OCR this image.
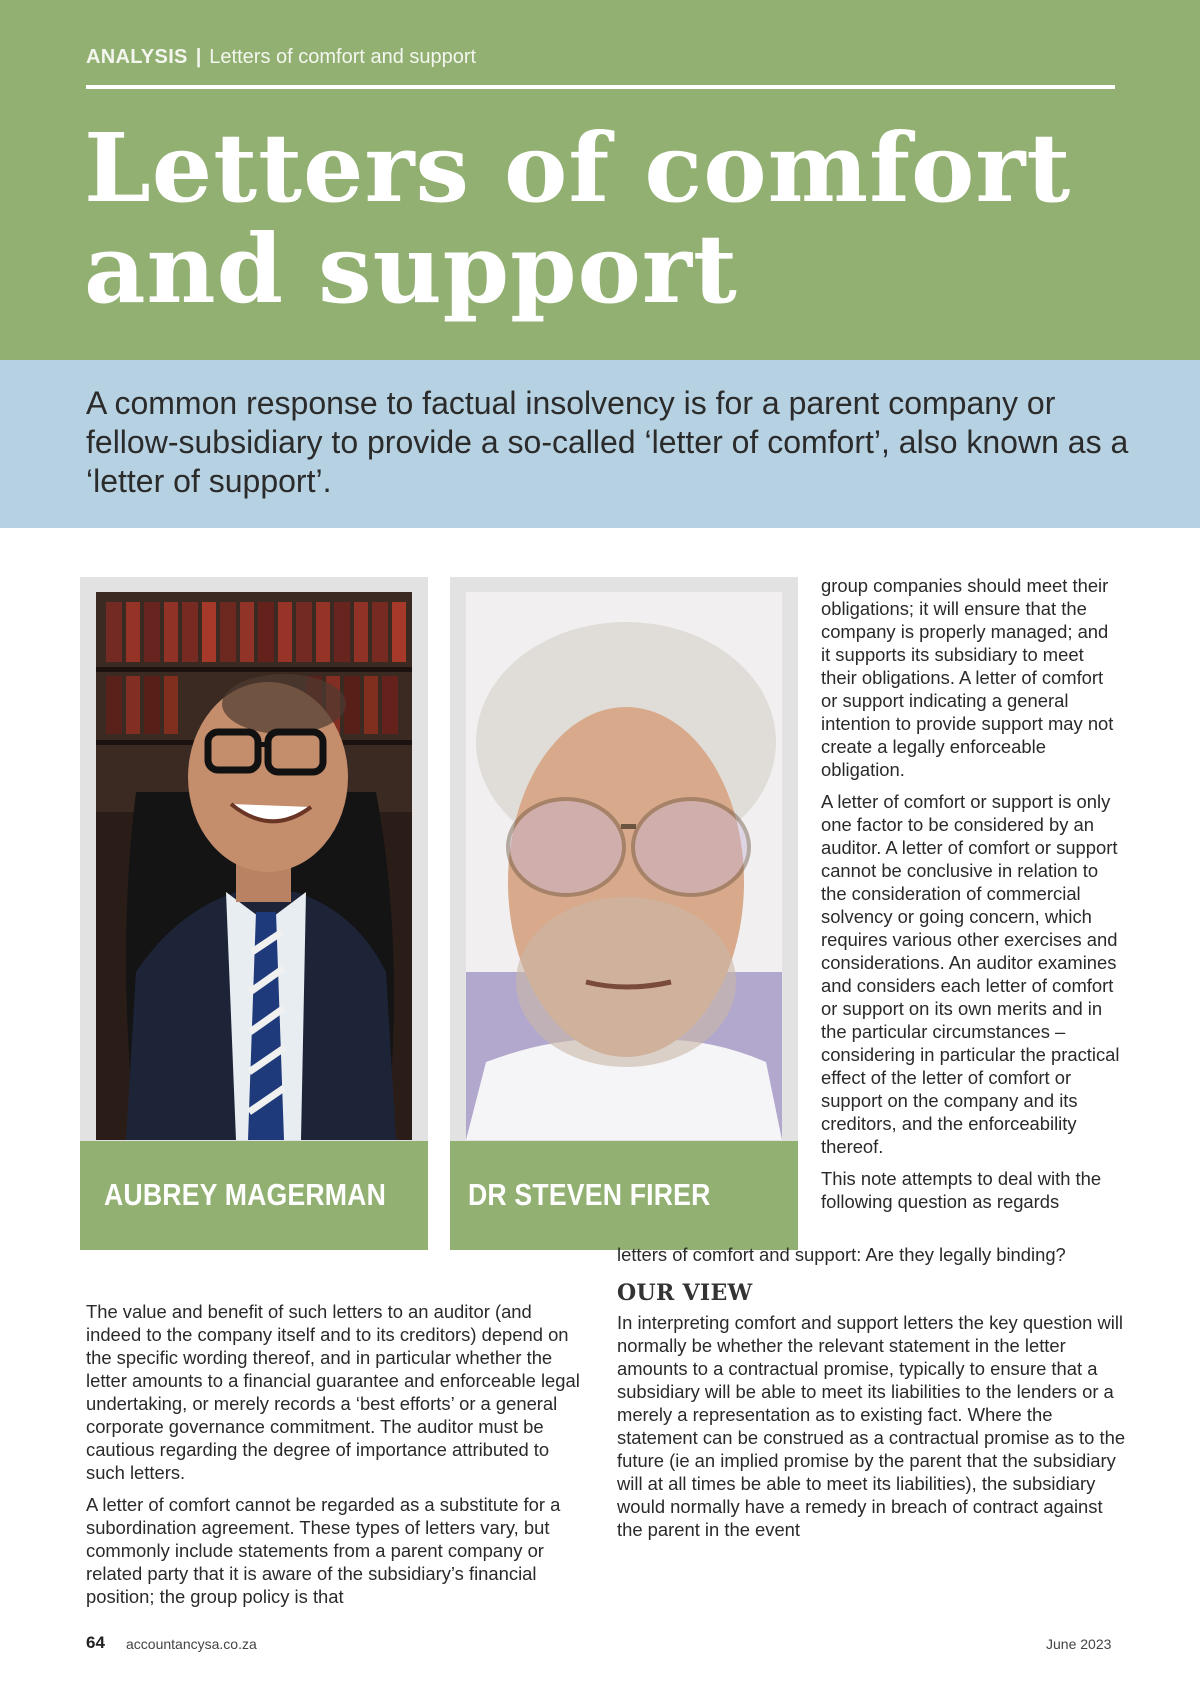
ANALYSIS | Letters of comfort and support
Letters of comfort
and support

A common response to factual insolvency is for a parent company or fellow-subsidiary to provide a so-called ‘letter of comfort’, also known as a ‘letter of support’.

AUBREY MAGERMAN	DR STEVEN FIRER

group companies should meet their obligations; it will ensure that the company is properly managed; and it supports its subsidiary to meet their obligations. A letter of comfort or support indicating a general intention to provide support may not create a legally enforceable obligation.

A letter of comfort or support is only one factor to be considered by an auditor. A letter of comfort or support cannot be conclusive in relation to the consideration of commercial solvency or going concern, which requires various other exercises and considerations. An auditor examines and considers each letter of comfort or support on its own merits and in the particular circumstances – considering in particular the practical effect of the letter of comfort or support on the company and its creditors, and the enforceability thereof.

This note attempts to deal with the following question as regards

letters of comfort and support: Are they legally binding?

OUR VIEW

In interpreting comfort and support letters the key question will normally be whether the relevant statement in the letter amounts to a contractual promise, typically to ensure that a subsidiary will be able to meet its liabilities to the lenders or a merely a representation as to existing fact. Where the statement can be construed as a contractual promise as to the future (ie an implied promise by the parent that the subsidiary will at all times be able to meet its liabilities), the subsidiary would normally have a remedy in breach of contract against the parent in the event

The value and benefit of such letters to an auditor (and indeed to the company itself and to its creditors) depend on the specific wording thereof, and in particular whether the letter amounts to a financial guarantee and enforceable legal undertaking, or merely records a ‘best efforts’ or a general corporate governance commitment. The auditor must be cautious regarding the degree of importance attributed to such letters.

A letter of comfort cannot be regarded as a substitute for a subordination agreement. These types of letters vary, but commonly include statements from a parent company or related party that it is aware of the subsidiary’s financial position; the group policy is that

64 accountancysa.co.za	June 2023
